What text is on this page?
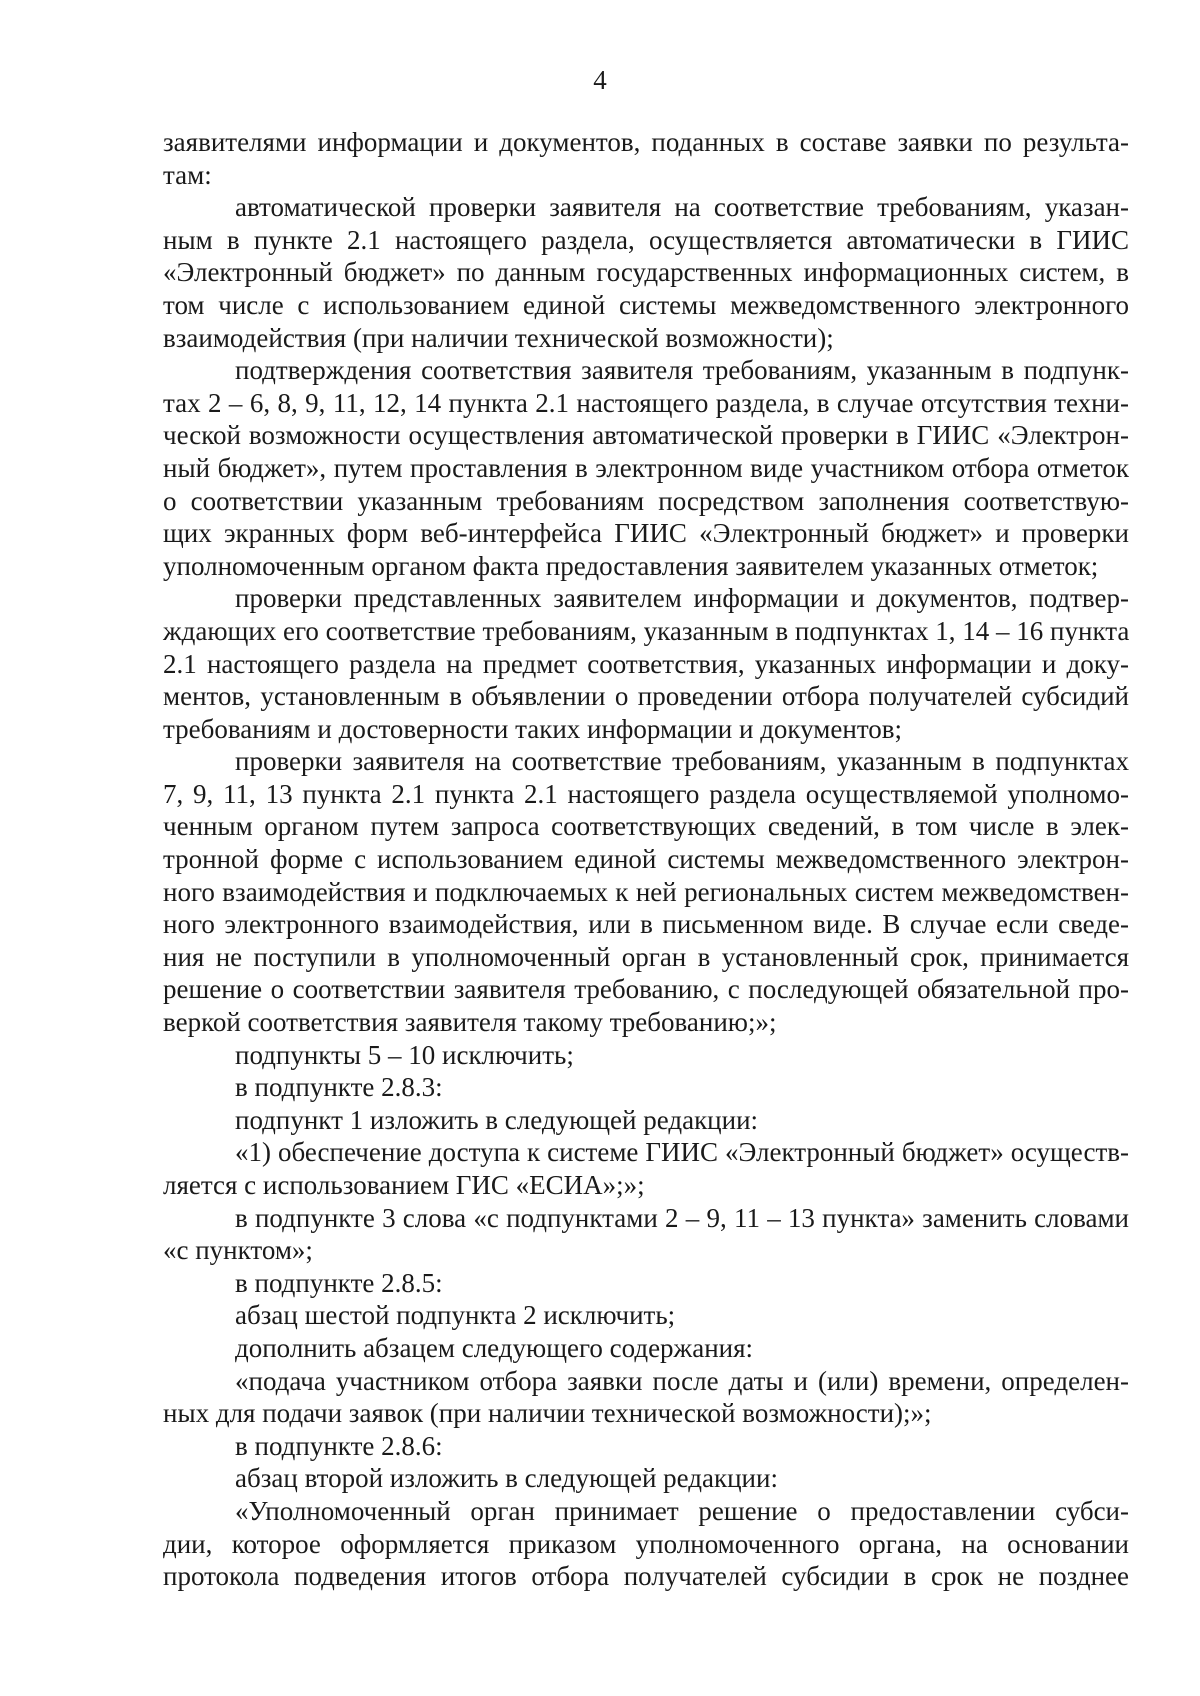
4
заявителями информации и документов, поданных в составе заявки по результа-
там:
автоматической проверки заявителя на соответствие требованиям, указан-
ным в пункте 2.1 настоящего раздела, осуществляется автоматически в ГИИС
«Электронный бюджет» по данным государственных информационных систем, в
том числе с использованием единой системы межведомственного электронного
взаимодействия (при наличии технической возможности);
подтверждения соответствия заявителя требованиям, указанным в подпунк-
тах 2 – 6, 8, 9, 11, 12, 14 пункта 2.1 настоящего раздела, в случае отсутствия техни-
ческой возможности осуществления автоматической проверки в ГИИС «Электрон-
ный бюджет», путем проставления в электронном виде участником отбора отметок
о соответствии указанным требованиям посредством заполнения соответствую-
щих экранных форм веб-интерфейса ГИИС «Электронный бюджет» и проверки
уполномоченным органом факта предоставления заявителем указанных отметок;
проверки представленных заявителем информации и документов, подтвер-
ждающих его соответствие требованиям, указанным в подпунктах 1, 14 – 16 пункта
2.1 настоящего раздела на предмет соответствия, указанных информации и доку-
ментов, установленным в объявлении о проведении отбора получателей субсидий
требованиям и достоверности таких информации и документов;
проверки заявителя на соответствие требованиям, указанным в подпунктах
7, 9, 11, 13 пункта 2.1 пункта 2.1 настоящего раздела осуществляемой уполномо-
ченным органом путем запроса соответствующих сведений, в том числе в элек-
тронной форме с использованием единой системы межведомственного электрон-
ного взаимодействия и подключаемых к ней региональных систем межведомствен-
ного электронного взаимодействия, или в письменном виде. В случае если сведе-
ния не поступили в уполномоченный орган в установленный срок, принимается
решение о соответствии заявителя требованию, с последующей обязательной про-
веркой соответствия заявителя такому требованию;»;
подпункты 5 – 10 исключить;
в подпункте 2.8.3:
подпункт 1 изложить в следующей редакции:
«1) обеспечение доступа к системе ГИИС «Электронный бюджет» осуществ-
ляется с использованием ГИС «ЕСИА»;»;
в подпункте 3 слова «с подпунктами 2 – 9, 11 – 13 пункта» заменить словами
«с пунктом»;
в подпункте 2.8.5:
абзац шестой подпункта 2 исключить;
дополнить абзацем следующего содержания:
«подача участником отбора заявки после даты и (или) времени, определен-
ных для подачи заявок (при наличии технической возможности);»;
в подпункте 2.8.6:
абзац второй изложить в следующей редакции:
«Уполномоченный орган принимает решение о предоставлении субси-
дии, которое оформляется приказом уполномоченного органа, на основании
протокола подведения итогов отбора получателей субсидии в срок не позднее
